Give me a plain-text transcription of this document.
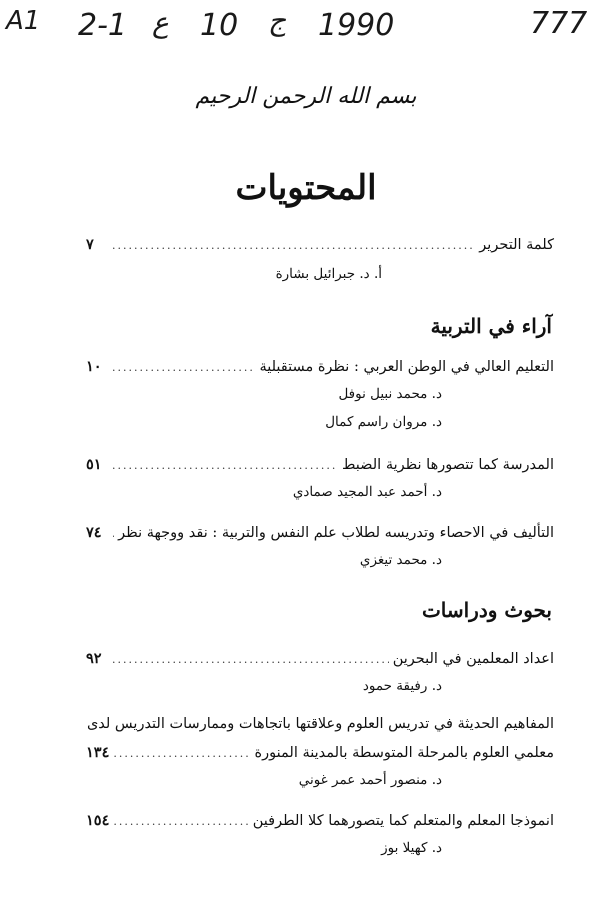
A1 2-1 ع 10 ج 1990	777
بسم الله الرحمن الرحيم
المحتويات
كلمة التحرير
.....
٧
أ. د. جبرائيل بشارة
آراء في التربية
التعليم العالي في الوطن العربي : نظرة مستقبلية
.....
١٠
د. محمد نبيل نوفل
د. مروان راسم كمال
المدرسة كما تتصورها نظرية الضبط
.....
٥١
د. أحمد عبد المجيد صمادي
التأليف في الاحصاء وتدريسه لطلاب علم النفس والتربية : نقد ووجهة نظر
.....
٧٤
د. محمد تيغزي
بحوث ودراسات
اعداد المعلمين في البحرين
.....
٩٢
د. رفيقة حمود
المفاهيم الحديثة في تدريس العلوم وعلاقتها باتجاهات وممارسات التدريس لدى
معلمي العلوم بالمرحلة المتوسطة بالمدينة المنورة
.....
١٣٤
د. منصور أحمد عمر غوني
انموذجا المعلم والمتعلم كما يتصورهما كلا الطرفين
.....
١٥٤
د. كهيلا بوز
